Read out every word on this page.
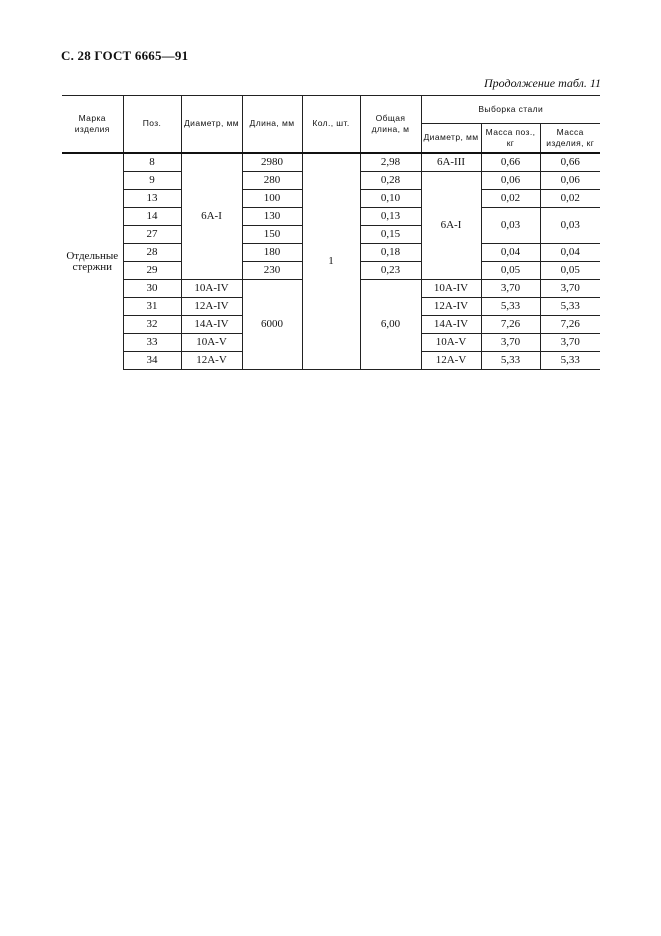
С. 28 ГОСТ 6665—91
Продолжение табл. 11
Марка изделия	Поз.	Диаметр, мм	Длина, мм	Кол., шт.	Общая длина, м	Выборка стали		
						Диаметр, мм	Масса поз., кг	Масса изделия, кг
Отдельные стержни	8	6А-I	2980	1	2,98	6А-III	0,66	0,66
	9		280		0,28	6А-I	0,06	0,06
	13		100		0,10		0,02	0,02
	14		130		0,13		0,03	0,03
	27		150		0,15			
	28		180		0,18		0,04	0,04
	29		230		0,23		0,05	0,05
	30	10А-IV	6000		6,00	10А-IV	3,70	3,70
	31	12А-IV				12А-IV	5,33	5,33
	32	14А-IV				14А-IV	7,26	7,26
	33	10А-V				10А-V	3,70	3,70
	34	12А-V				12А-V	5,33	5,33
